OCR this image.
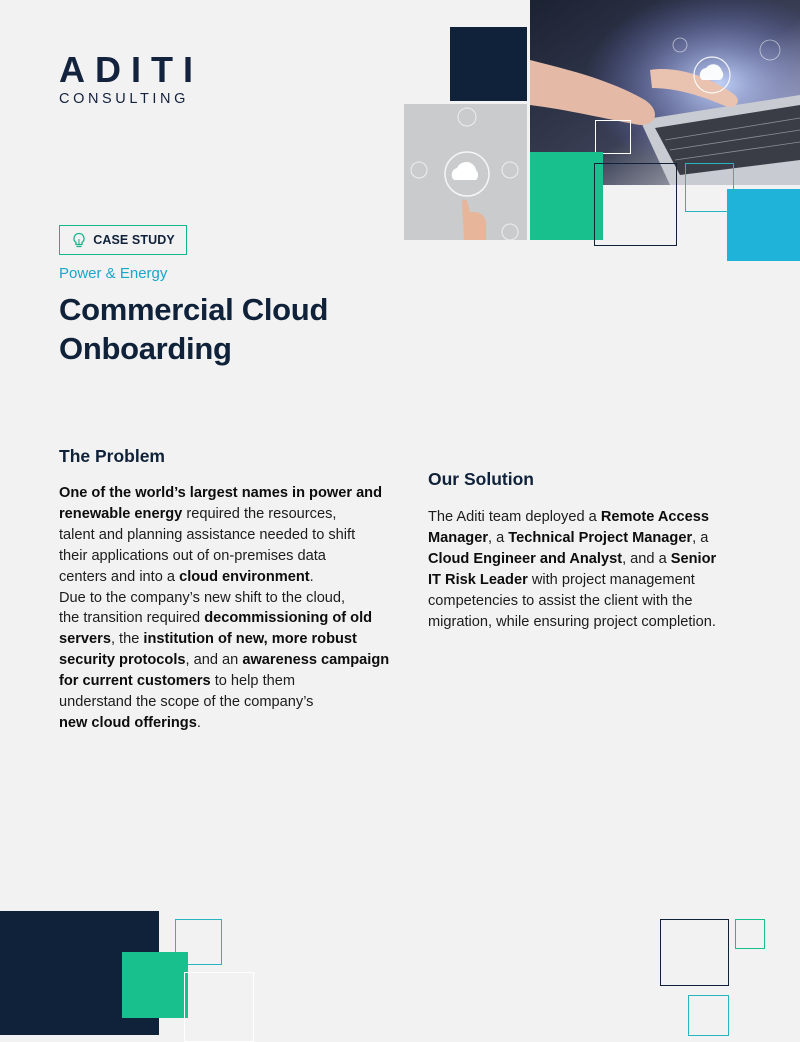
ADITI
CONSULTING
CASE STUDY
Power & Energy
Commercial Cloud
Onboarding
The Problem
One of the world’s largest names in power and
renewable energy required the resources,
talent and planning assistance needed to shift
their applications out of on-premises data
centers and into a cloud environment.
Due to the company’s new shift to the cloud,
the transition required decommissioning of old
servers, the institution of new, more robust
security protocols, and an awareness campaign
for current customers to help them
understand the scope of the company’s
new cloud offerings.
Our Solution
The Aditi team deployed a Remote Access
Manager, a Technical Project Manager, a
Cloud Engineer and Analyst, and a Senior
IT Risk Leader with project management
competencies to assist the client with the
migration, while ensuring project completion.
